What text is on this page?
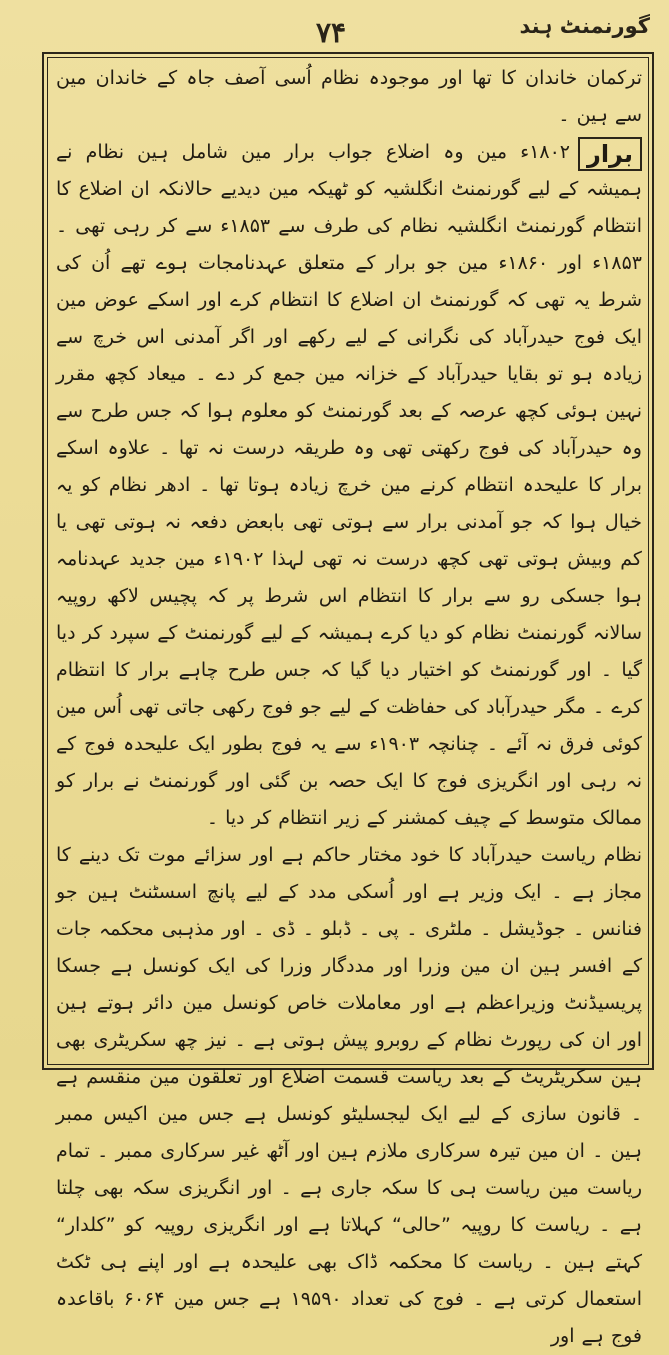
گورنمنٹ ہند
۷۴

ترکمان خاندان کا تھا اور موجودہ نظام اُسی آصف جاہ کے خاندان مین سے ہین ۔

برار
۱۸۰۲ء مین وہ اضلاع جواب برار مین شامل ہین نظام نے ہمیشہ کے لیے گورنمنٹ انگلشیہ کو ٹھیکہ مین دیدیے حالانکہ ان اضلاع کا انتظام گورنمنٹ انگلشیہ نظام کی طرف سے ۱۸۵۳ء سے کر رہی تھی ۔ ۱۸۵۳ء اور ۱۸۶۰ء مین جو برار کے متعلق عہدنامجات ہوے تھے اُن کی شرط یہ تھی کہ گورنمنٹ ان اضلاع کا انتظام کرے اور اسکے عوض مین ایک فوج حیدرآباد کی نگرانی کے لیے رکھے اور اگر آمدنی اس خرچ سے زیادہ ہو تو بقایا حیدرآباد کے خزانہ مین جمع کر دے ۔ میعاد کچھ مقرر نہین ہوئی کچھ عرصہ کے بعد گورنمنٹ کو معلوم ہوا کہ جس طرح سے وہ حیدرآباد کی فوج رکھتی تھی وہ طریقہ درست نہ تھا ۔ علاوہ اسکے برار کا علیحدہ انتظام کرنے مین خرچ زیادہ ہوتا تھا ۔ ادھر نظام کو یہ خیال ہوا کہ جو آمدنی برار سے ہوتی تھی بابعض دفعہ نہ ہوتی تھی یا کم وبیش ہوتی تھی کچھ درست نہ تھی لہذا ۱۹۰۲ء مین جدید عہدنامہ ہوا جسکی رو سے برار کا انتظام اس شرط پر کہ پچیس لاکھ روپیہ سالانہ گورنمنٹ نظام کو دیا کرے ہمیشہ کے لیے گورنمنٹ کے سپرد کر دیا گیا ۔ اور گورنمنٹ کو اختیار دیا گیا کہ جس طرح چاہے برار کا انتظام کرے ۔ مگر حیدرآباد کی حفاظت کے لیے جو فوج رکھی جاتی تھی اُس مین کوئی فرق نہ آئے ۔ چنانچہ ۱۹۰۳ء سے یہ فوج بطور ایک علیحدہ فوج کے نہ رہی اور انگریزی فوج کا ایک حصہ بن گئی اور گورنمنٹ نے برار کو ممالک متوسط کے چیف کمشنر کے زیر انتظام کر دیا ۔

نظام ریاست حیدرآباد کا خود مختار حاکم ہے اور سزائے موت تک دینے کا مجاز ہے ۔ ایک وزیر ہے اور اُسکی مدد کے لیے پانچ اسسٹنٹ ہین جو فنانس ۔ جوڈیشل ۔ ملٹری ۔ پی ۔ ڈبلو ۔ ڈی ۔ اور مذہبی محکمہ جات کے افسر ہین ان مین وزرا اور مددگار وزرا کی ایک کونسل ہے جسکا پریسیڈنٹ وزیراعظم ہے اور معاملات خاص کونسل مین دائر ہوتے ہین اور ان کی رپورٹ نظام کے روبرو پیش ہوتی ہے ۔ نیز چھ سکریٹری بھی ہین سکریٹریٹ کے بعد ریاست قسمت اضلاع اور تعلقون مین منقسم ہے ۔ قانون سازی کے لیے ایک لیجسلیٹو کونسل ہے جس مین اکیس ممبر ہین ۔ ان مین تیرہ سرکاری ملازم ہین اور آٹھ غیر سرکاری ممبر ۔ تمام ریاست مین ریاست ہی کا سکہ جاری ہے ۔ اور انگریزی سکہ بھی چلتا ہے ۔ ریاست کا روپیہ ”حالی“ کہلاتا ہے اور انگریزی روپیہ کو ”کلدار“ کہتے ہین ۔ ریاست کا محکمہ ڈاک بھی علیحدہ ہے اور اپنے ہی ٹکٹ استعمال کرتی ہے ۔ فوج کی تعداد ۱۹۵۹۰ ہے جس مین ۶۰۶۴ باقاعدہ فوج ہے اور
